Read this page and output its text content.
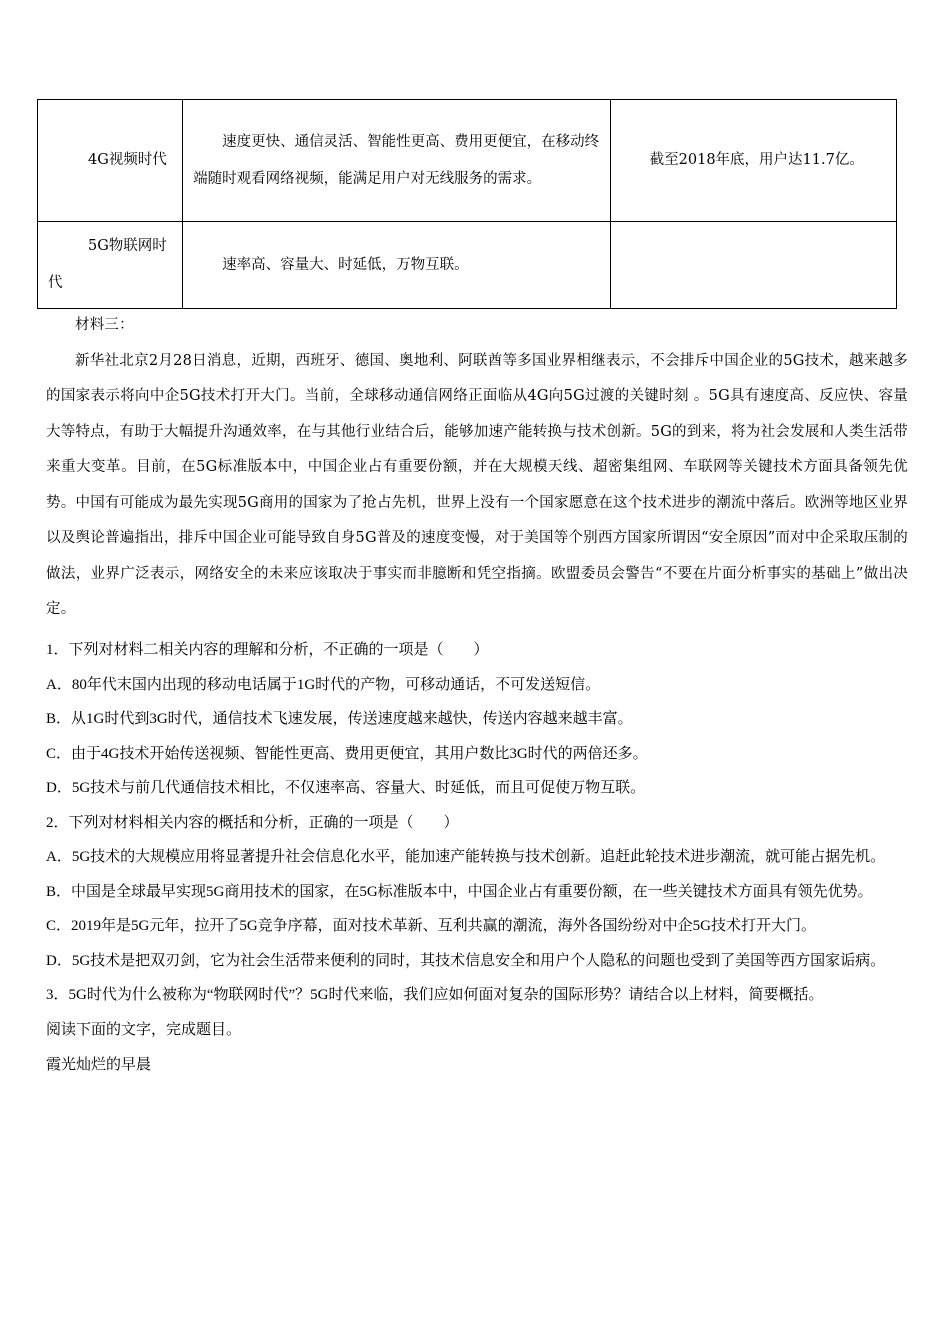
4G视频时代	速度更快、通信灵活、智能性更高、费用更便宜，在移动终端随时观看网络视频，能满足用户对无线服务的需求。	截至2018年底，用户达11.7亿。

5G物联网时代	速率高、容量大、时延低，万物互联。	

材料三：

新华社北京2月28日消息，近期，西班牙、德国、奥地利、阿联酋等多国业界相继表示，不会排斥中国企业的5G技术，越来越多的国家表示将向中企5G技术打开大门。当前，全球移动通信网络正面临从4G向5G过渡的关键时刻 。5G具有速度高、反应快、容量大等特点，有助于大幅提升沟通效率，在与其他行业结合后，能够加速产能转换与技术创新。5G的到来，将为社会发展和人类生活带来重大变革。目前，在5G标准版本中，中国企业占有重要份额，并在大规模天线、超密集组网、车联网等关键技术方面具备领先优势。中国有可能成为最先实现5G商用的国家为了抢占先机，世界上没有一个国家愿意在这个技术进步的潮流中落后。欧洲等地区业界以及舆论普遍指出，排斥中国企业可能导致自身5G普及的速度变慢，对于美国等个别西方国家所谓因“安全原因”而对中企采取压制的做法，业界广泛表示，网络安全的未来应该取决于事实而非臆断和凭空指摘。欧盟委员会警告“不要在片面分析事实的基础上”做出决定。

1．下列对材料二相关内容的理解和分析，不正确的一项是（　　）

A．80年代末国内出现的移动电话属于1G时代的产物，可移动通话，不可发送短信。

B．从1G时代到3G时代，通信技术飞速发展，传送速度越来越快，传送内容越来越丰富。

C．由于4G技术开始传送视频、智能性更高、费用更便宜，其用户数比3G时代的两倍还多。

D．5G技术与前几代通信技术相比，不仅速率高、容量大、时延低，而且可促使万物互联。

2．下列对材料相关内容的概括和分析，正确的一项是（　　）

A．5G技术的大规模应用将显著提升社会信息化水平，能加速产能转换与技术创新。追赶此轮技术进步潮流，就可能占据先机。

B．中国是全球最早实现5G商用技术的国家，在5G标准版本中，中国企业占有重要份额，在一些关键技术方面具有领先优势。

C．2019年是5G元年，拉开了5G竞争序幕，面对技术革新、互利共赢的潮流，海外各国纷纷对中企5G技术打开大门。

D．5G技术是把双刃剑，它为社会生活带来便利的同时，其技术信息安全和用户个人隐私的问题也受到了美国等西方国家诟病。

3．5G时代为什么被称为“物联网时代”？5G时代来临，我们应如何面对复杂的国际形势？请结合以上材料，简要概括。

阅读下面的文字，完成题目。

霞光灿烂的早晨
